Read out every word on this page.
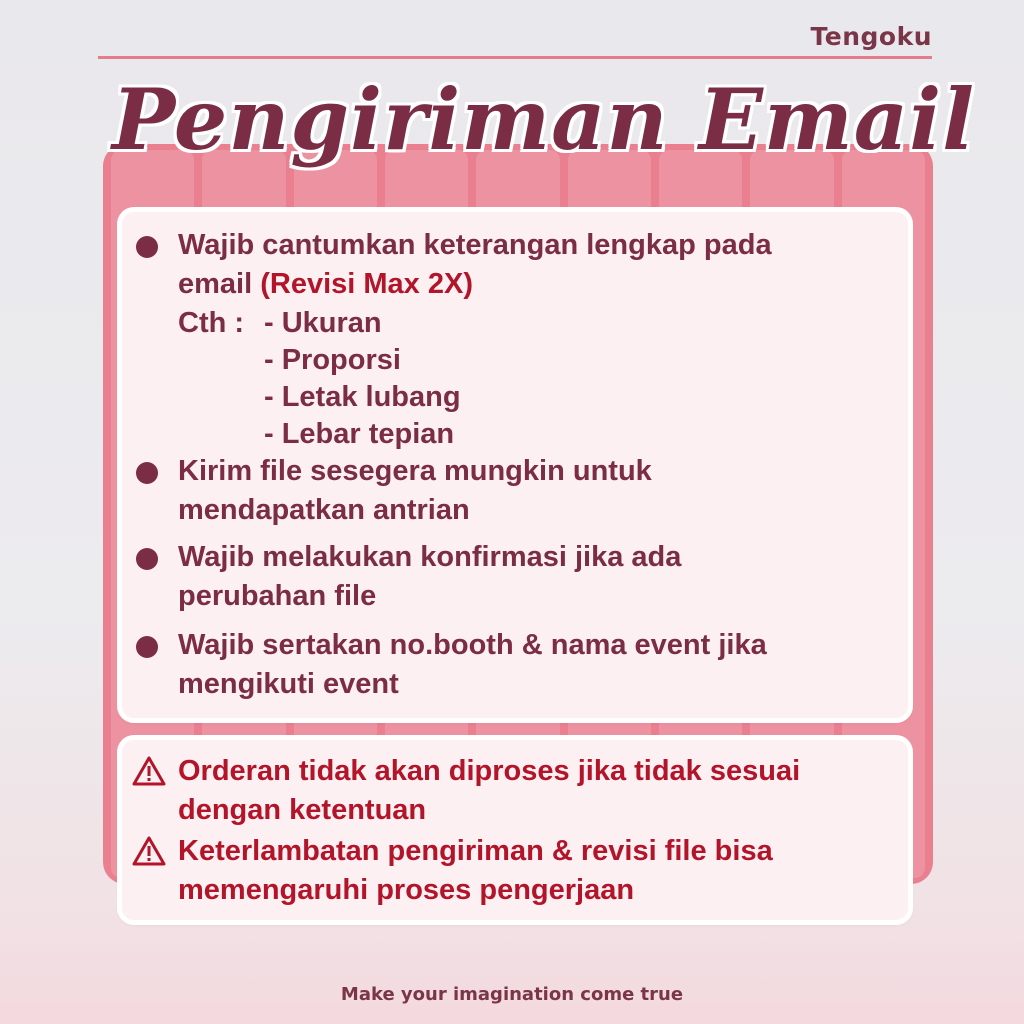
Tengoku
Pengiriman Email
Wajib cantumkan keterangan lengkap pada
email (Revisi Max 2X)
Cth : - Ukuran
- Proporsi
- Letak lubang
- Lebar tepian
Kirim file sesegera mungkin untuk
mendapatkan antrian
Wajib melakukan konfirmasi jika ada
perubahan file
Wajib sertakan no.booth & nama event jika
mengikuti event
Orderan tidak akan diproses jika tidak sesuai
dengan ketentuan
Keterlambatan pengiriman & revisi file bisa
memengaruhi proses pengerjaan
Make your imagination come true
